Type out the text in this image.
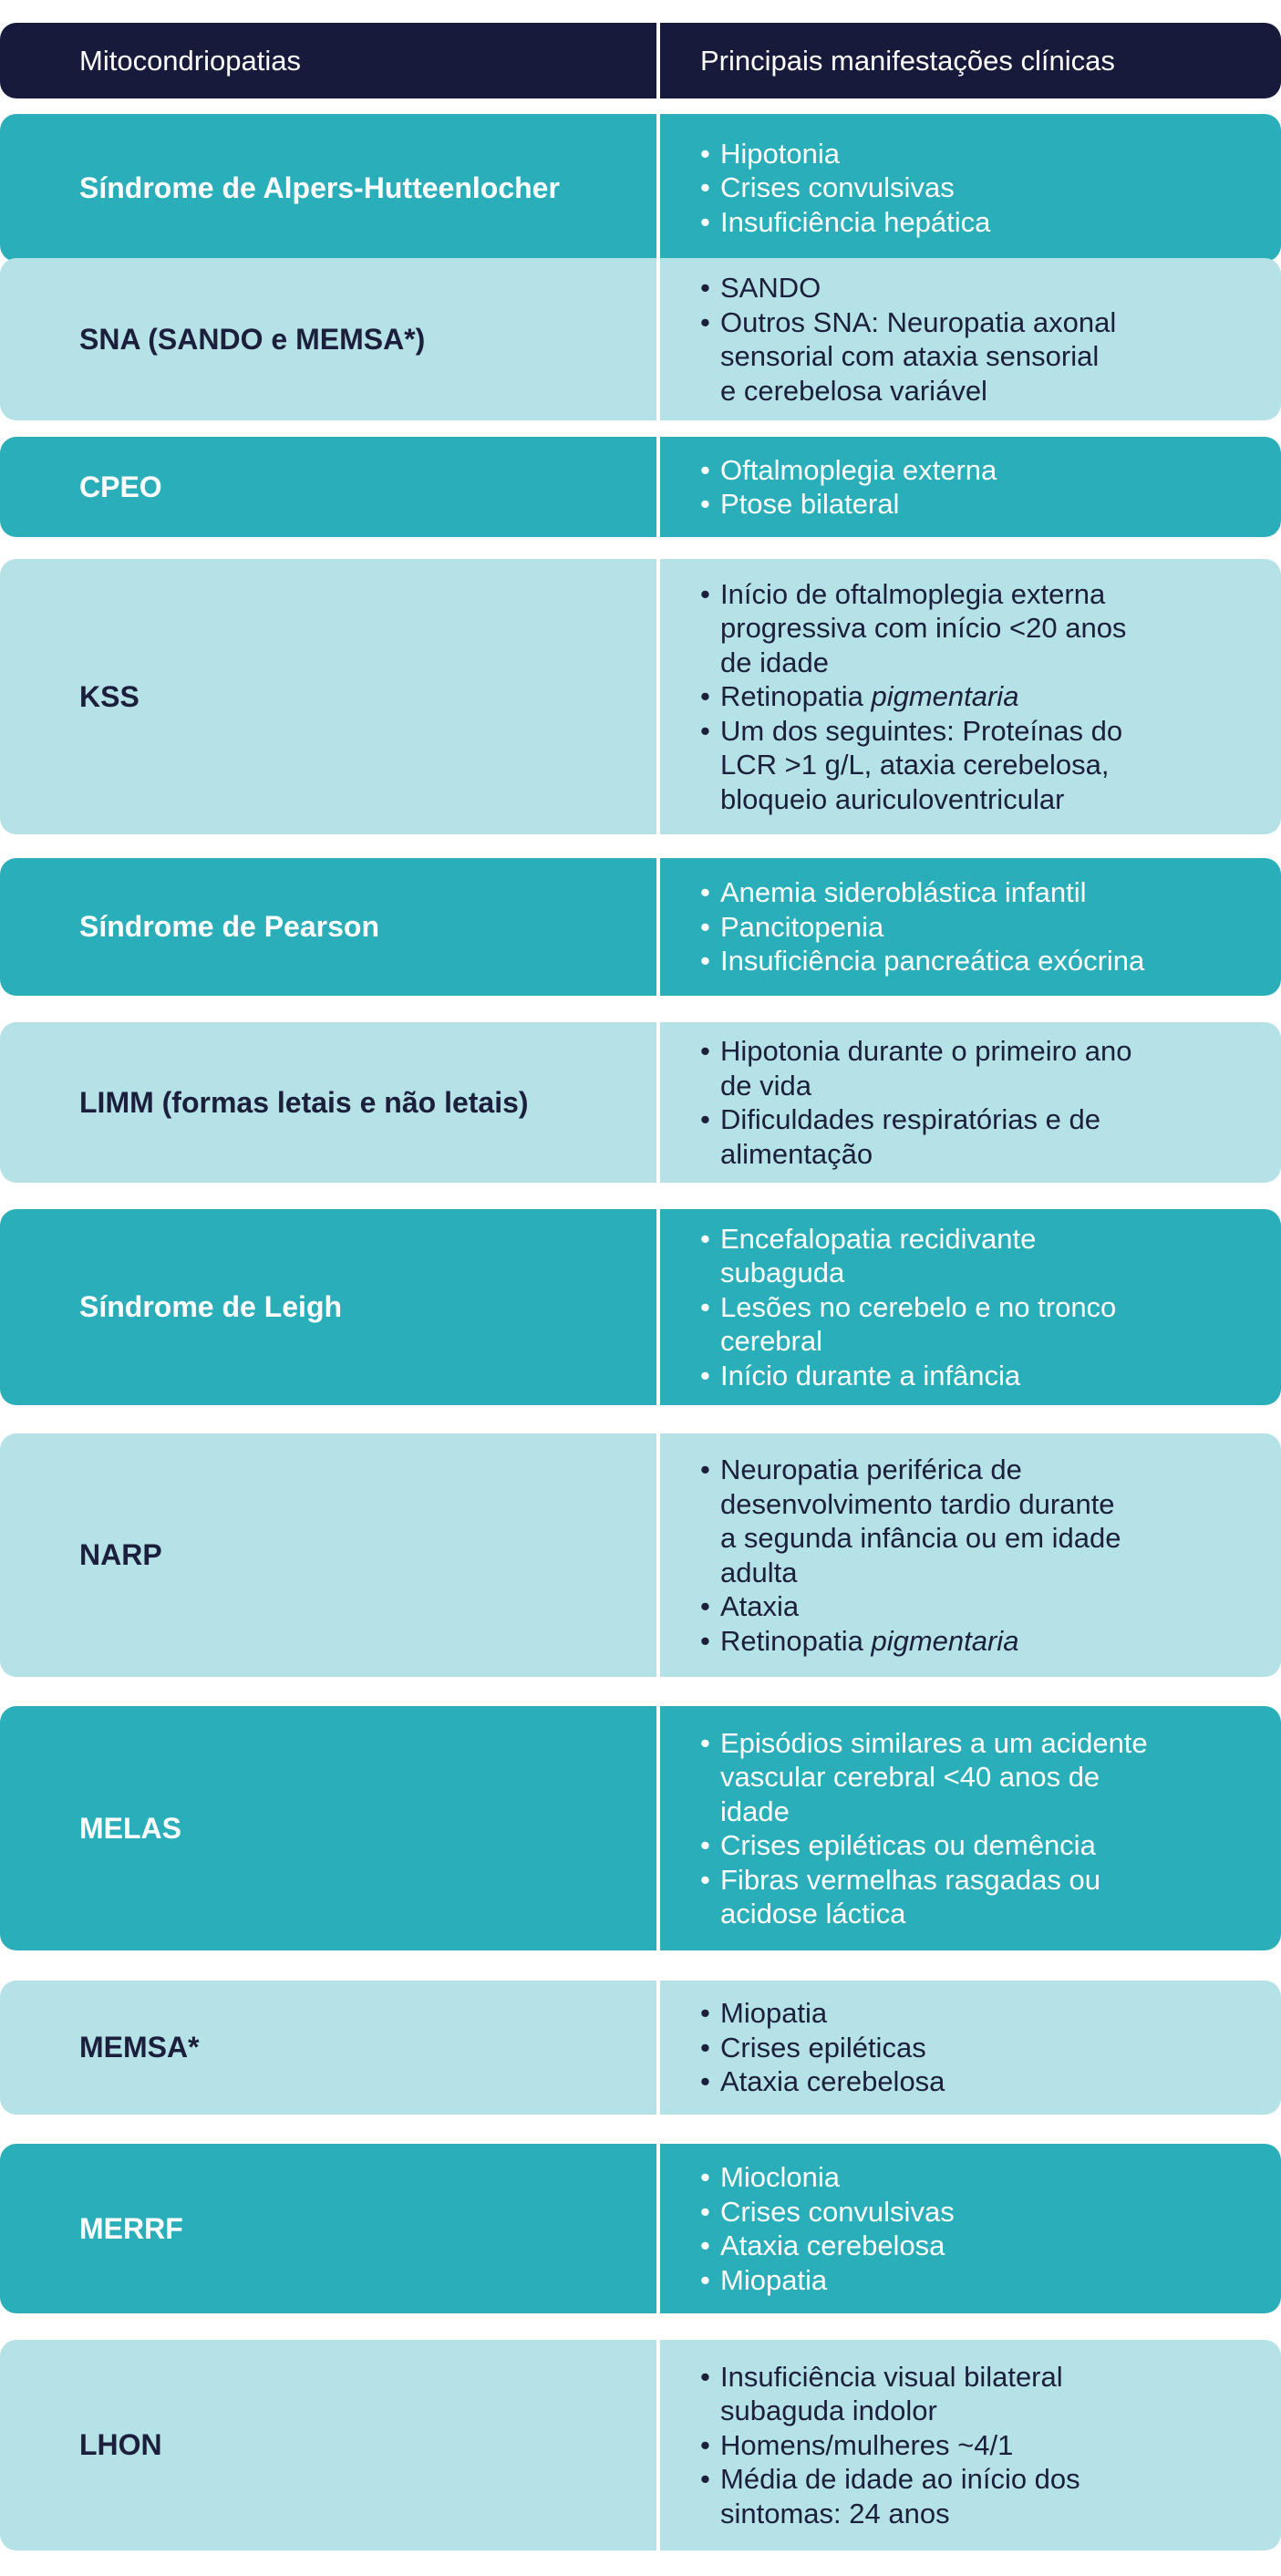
Mitocondriopatias	Principais manifestações clínicas
Síndrome de Alpers-Hutteenlocher
• Hipotonia
• Crises convulsivas
• Insuficiência hepática
SNA (SANDO e MEMSA*)
• SANDO
• Outros SNA: Neuropatia axonal
sensorial com ataxia sensorial
e cerebelosa variável
CPEO
• Oftalmoplegia externa
• Ptose bilateral
KSS
• Início de oftalmoplegia externa
progressiva com início <20 anos
de idade
• Retinopatia pigmentaria
• Um dos seguintes: Proteínas do
LCR >1 g/L, ataxia cerebelosa,
bloqueio auriculoventricular
Síndrome de Pearson
• Anemia sideroblástica infantil
• Pancitopenia
• Insuficiência pancreática exócrina
LIMM (formas letais e não letais)
• Hipotonia durante o primeiro ano
de vida
• Dificuldades respiratórias e de
alimentação
Síndrome de Leigh
• Encefalopatia recidivante
subaguda
• Lesões no cerebelo e no tronco
cerebral
• Início durante a infância
NARP
• Neuropatia periférica de
desenvolvimento tardio durante
a segunda infância ou em idade
adulta
• Ataxia
• Retinopatia pigmentaria
MELAS
• Episódios similares a um acidente
vascular cerebral <40 anos de
idade
• Crises epiléticas ou demência
• Fibras vermelhas rasgadas ou
acidose láctica
MEMSA*
• Miopatia
• Crises epiléticas
• Ataxia cerebelosa
MERRF
• Mioclonia
• Crises convulsivas
• Ataxia cerebelosa
• Miopatia
LHON
• Insuficiência visual bilateral
subaguda indolor
• Homens/mulheres ~4/1
• Média de idade ao início dos
sintomas: 24 anos
